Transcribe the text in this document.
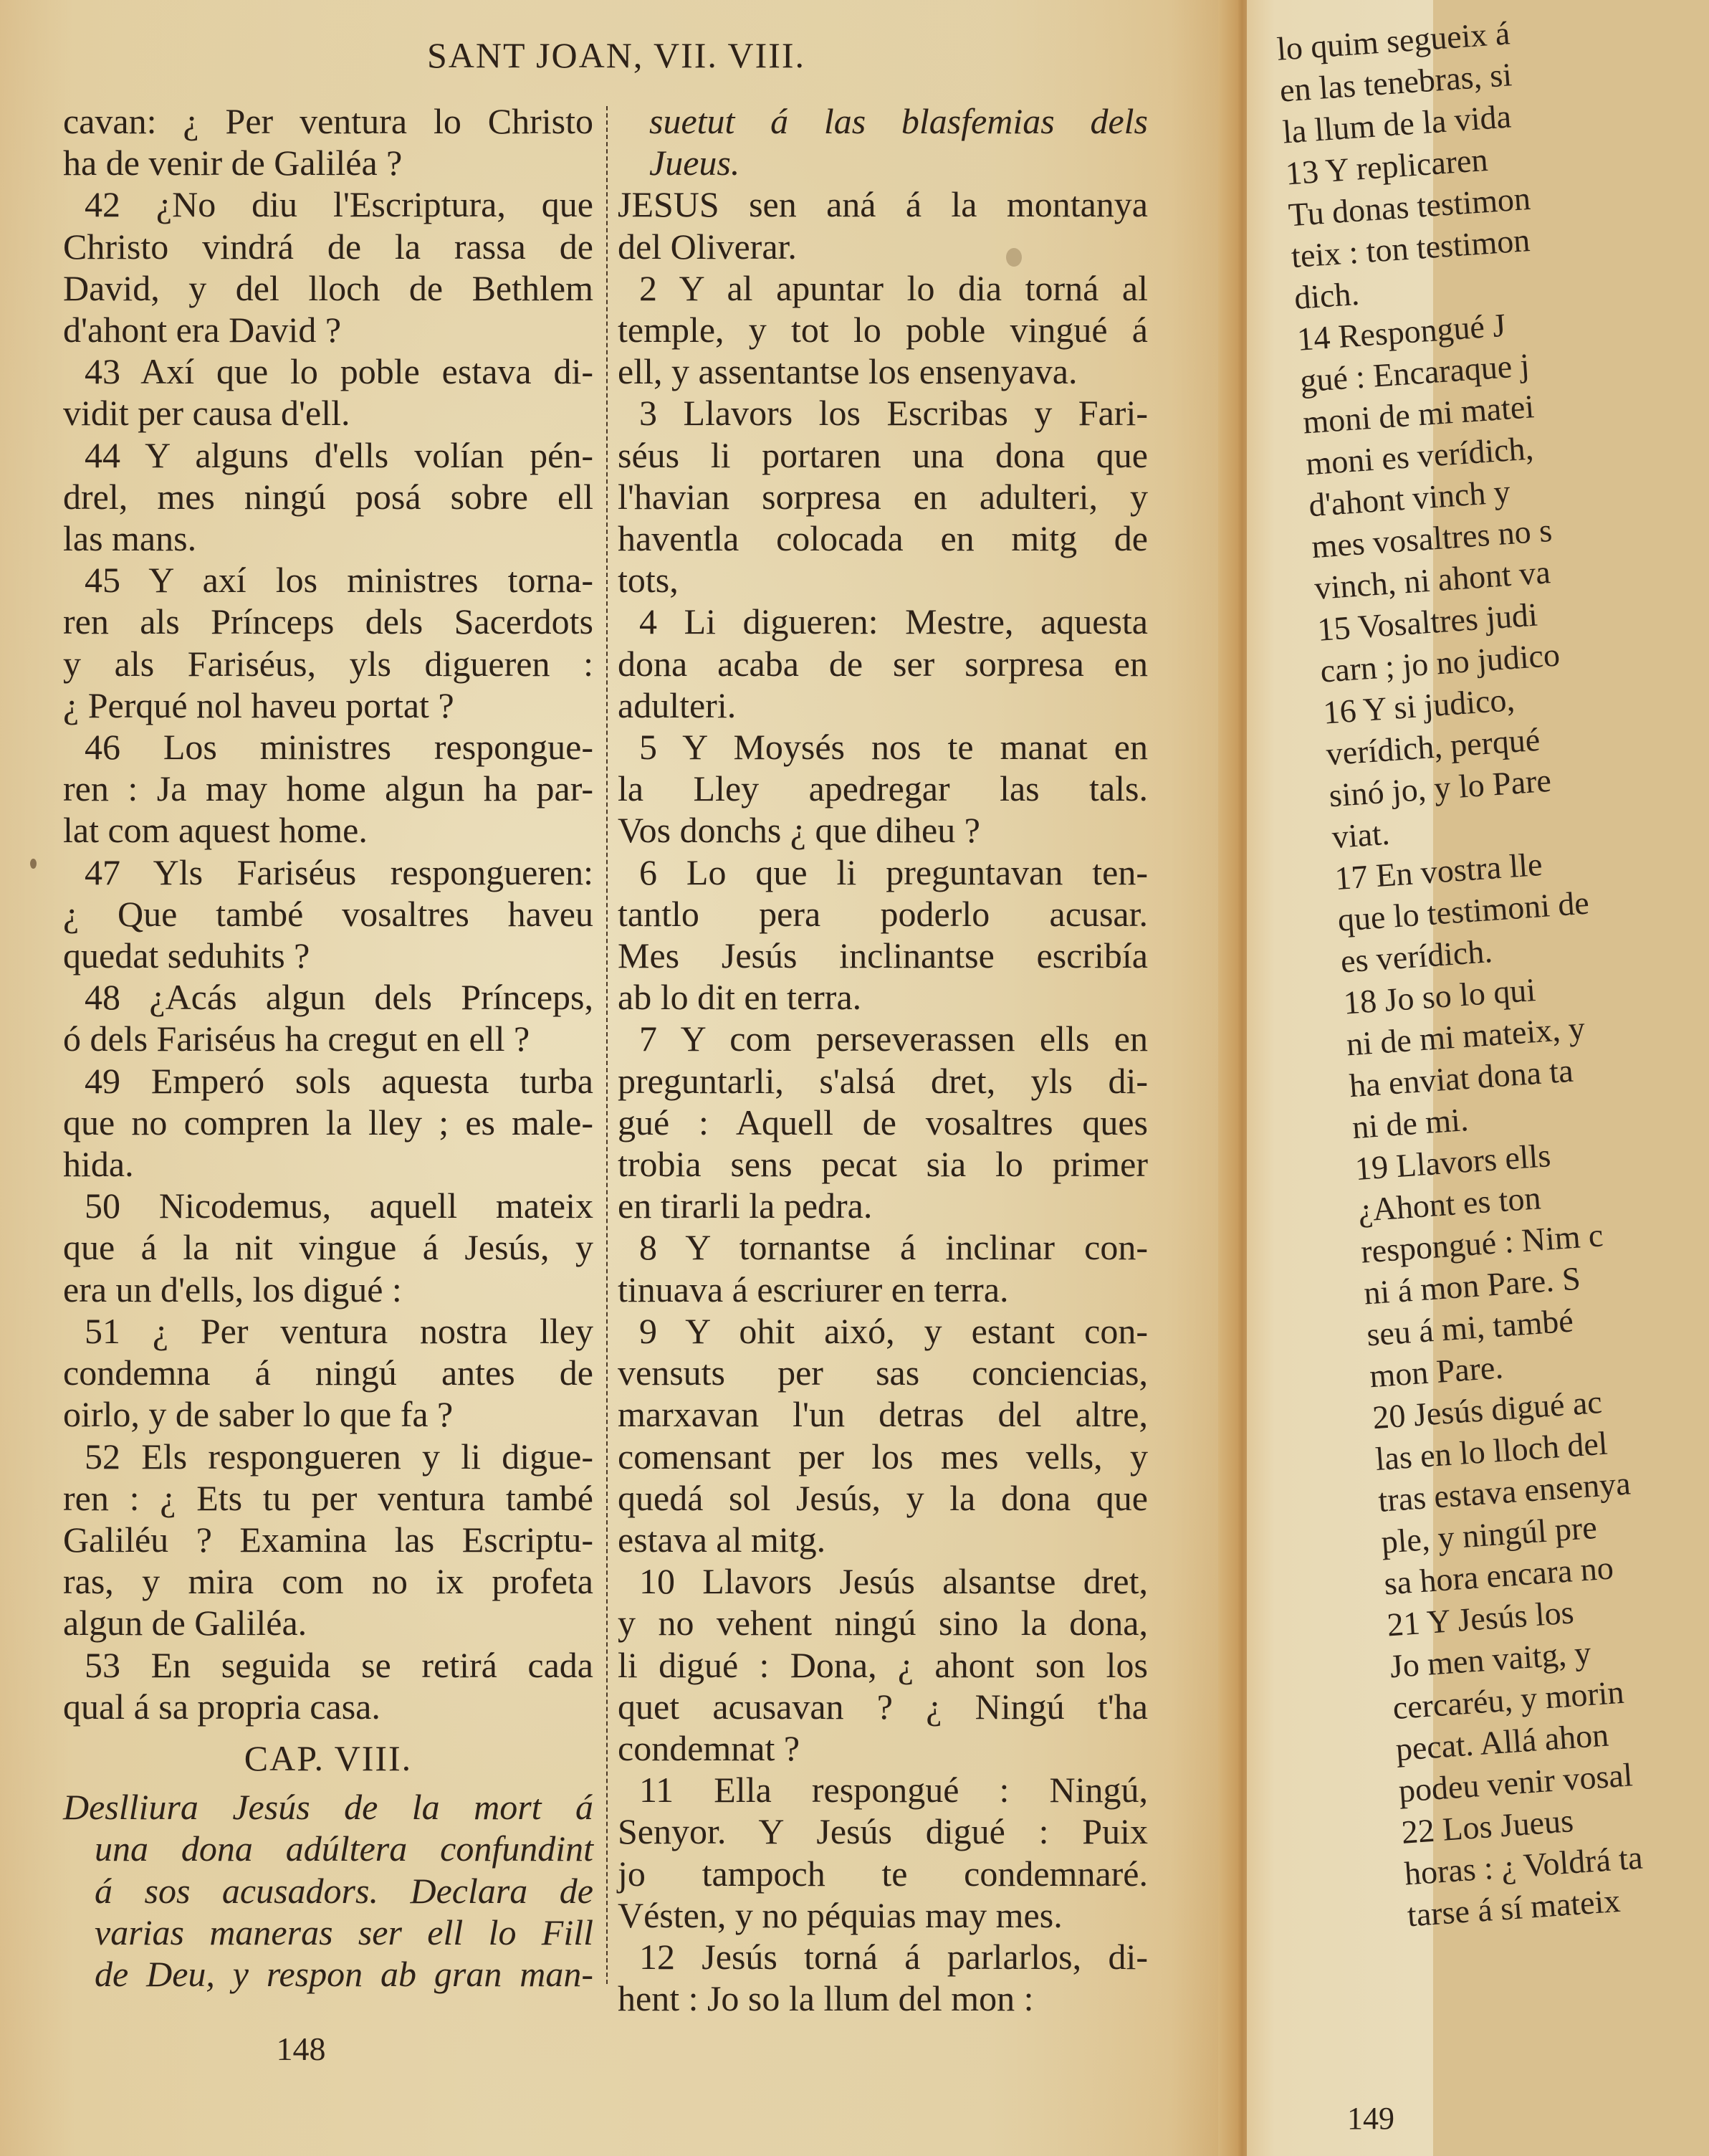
SANT JOAN, VII. VIII.
cavan: ¿ Per ventura lo Christo
ha de venir de Galiléa ?
42 ¿No diu l'Escriptura, que
Christo vindrá de la rassa de
David, y del lloch de Bethlem
d'ahont era David ?
43 Axí que lo poble estava di-
vidit per causa d'ell.
44 Y alguns d'ells volían pén-
drel, mes ningú posá sobre ell
las mans.
45 Y axí los ministres torna-
ren als Prínceps dels Sacerdots
y als Fariséus, yls digueren :
¿ Perqué nol haveu portat ?
46 Los ministres respongue-
ren : Ja may home algun ha par-
lat com aquest home.
47 Yls Fariséus respongueren:
¿ Que també vosaltres haveu
quedat seduhits ?
48 ¿Acás algun dels Prínceps,
ó dels Fariséus ha cregut en ell ?
49 Emperó sols aquesta turba
que no compren la lley ; es male-
hida.
50 Nicodemus, aquell mateix
que á la nit vingue á Jesús, y
era un d'ells, los digué :
51 ¿ Per ventura nostra lley
condemna á ningú antes de
oirlo, y de saber lo que fa ?
52 Els respongueren y li digue-
ren : ¿ Ets tu per ventura també
Galiléu ? Examina las Escriptu-
ras, y mira com no ix profeta
algun de Galiléa.
53 En seguida se retirá cada
qual á sa propria casa.
CAP. VIII.
Deslliura Jesús de la mort á
una dona adúltera confundint
á sos acusadors. Declara de
varias maneras ser ell lo Fill
de Deu, y respon ab gran man-
suetut á las blasfemias dels
Jueus.
JESUS sen aná á la montanya
del Oliverar.
2 Y al apuntar lo dia torná al
temple, y tot lo poble vingué á
ell, y assentantse los ensenyava.
3 Llavors los Escribas y Fari-
séus li portaren una dona que
l'havian sorpresa en adulteri, y
haventla colocada en mitg de
tots,
4 Li digueren: Mestre, aquesta
dona acaba de ser sorpresa en
adulteri.
5 Y Moysés nos te manat en
la Lley apedregar las tals.
Vos donchs ¿ que diheu ?
6 Lo que li preguntavan ten-
tantlo pera poderlo acusar.
Mes Jesús inclinantse escribía
ab lo dit en terra.
7 Y com perseverassen ells en
preguntarli, s'alsá dret, yls di-
gué : Aquell de vosaltres ques
trobia sens pecat sia lo primer
en tirarli la pedra.
8 Y tornantse á inclinar con-
tinuava á escriurer en terra.
9 Y ohit aixó, y estant con-
vensuts per sas conciencias,
marxavan l'un detras del altre,
comensant per los mes vells, y
quedá sol Jesús, y la dona que
estava al mitg.
10 Llavors Jesús alsantse dret,
y no vehent ningú sino la dona,
li digué : Dona, ¿ ahont son los
quet acusavan ? ¿ Ningú t'ha
condemnat ?
11 Ella respongué : Ningú,
Senyor. Y Jesús digué : Puix
jo tampoch te condemnaré.
Vésten, y no péquias may mes.
12 Jesús torná á parlarlos, di-
hent : Jo so la llum del mon :
148
lo quim segueix á
en las tenebras, si
la llum de la vida
13 Y replicaren
Tu donas testimon
teix : ton testimon
dich.
14 Respongué J
gué : Encaraque j
moni de mi matei
moni es verídich,
d'ahont vinch y
mes vosaltres no s
vinch, ni ahont va
15 Vosaltres judi
carn ; jo no judico
16 Y si judico,
verídich, perqué
sinó jo, y lo Pare
viat.
17 En vostra lle
que lo testimoni de
es verídich.
18 Jo so lo qui
ni de mi mateix, y
ha enviat dona ta
ni de mi.
19 Llavors ells
¿Ahont es ton
respongué : Nim c
ni á mon Pare. S
seu á mi, també
mon Pare.
20 Jesús digué ac
las en lo lloch del
tras estava ensenya
ple, y ningúl pre
sa hora encara no
21 Y Jesús los
Jo men vaitg, y
cercaréu, y morin
pecat. Allá ahon
podeu venir vosal
22 Los Jueus
horas : ¿ Voldrá ta
tarse á sí mateix
149
